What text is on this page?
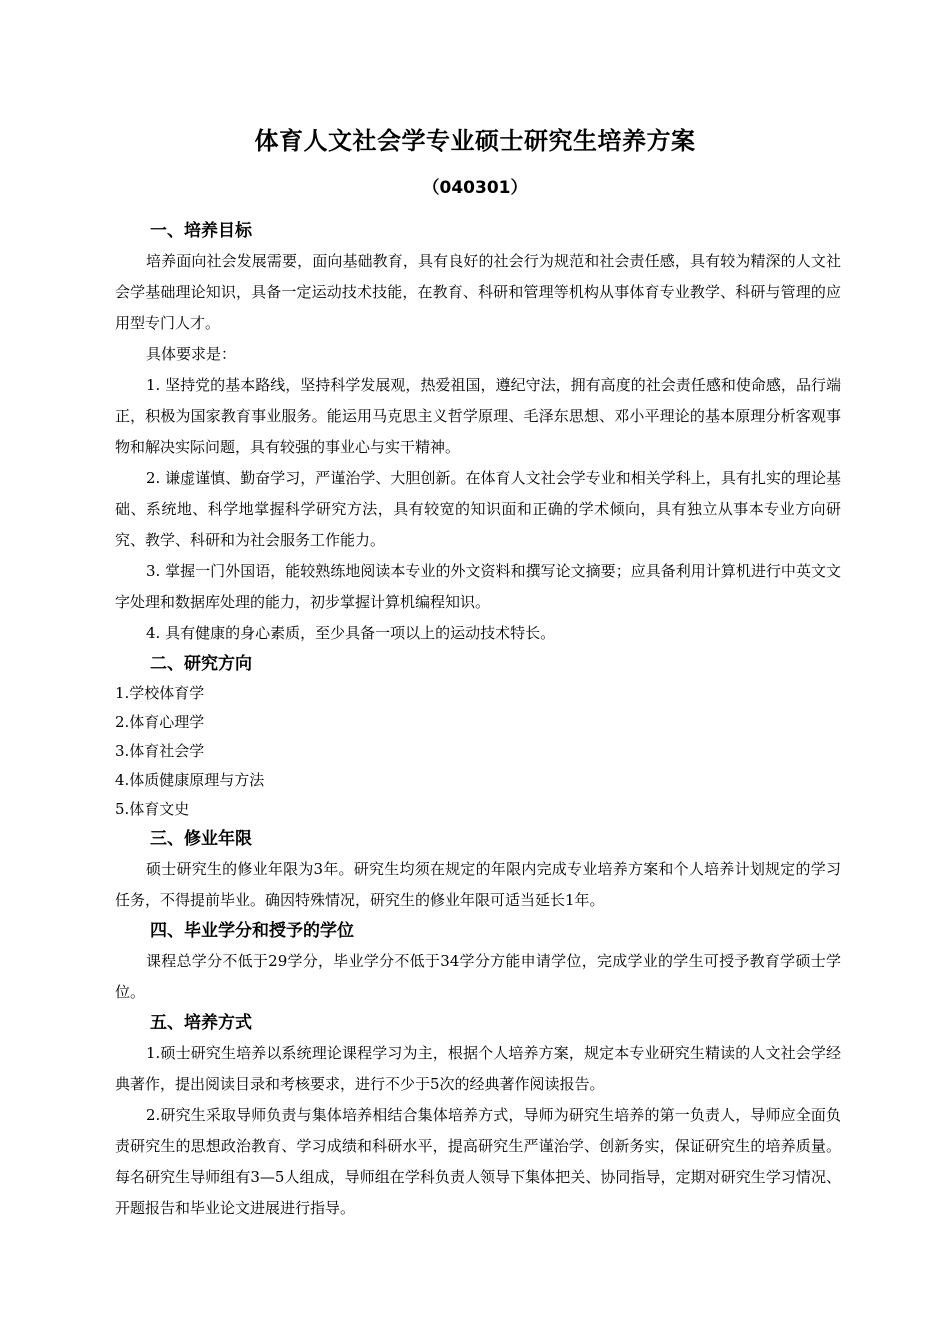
体育人文社会学专业硕士研究生培养方案
（040301）

一、培养目标

培养面向社会发展需要，面向基础教育，具有良好的社会行为规范和社会责任感，具有较为精深的人文社会学基础理论知识，具备一定运动技术技能，在教育、科研和管理等机构从事体育专业教学、科研与管理的应用型专门人才。

具体要求是：

1. 坚持党的基本路线，坚持科学发展观，热爱祖国，遵纪守法，拥有高度的社会责任感和使命感，品行端正，积极为国家教育事业服务。能运用马克思主义哲学原理、毛泽东思想、邓小平理论的基本原理分析客观事物和解决实际问题，具有较强的事业心与实干精神。

2. 谦虚谨慎、勤奋学习，严谨治学、大胆创新。在体育人文社会学专业和相关学科上，具有扎实的理论基础、系统地、科学地掌握科学研究方法，具有较宽的知识面和正确的学术倾向，具有独立从事本专业方向研究、教学、科研和为社会服务工作能力。

3. 掌握一门外国语，能较熟练地阅读本专业的外文资料和撰写论文摘要；应具备利用计算机进行中英文文字处理和数据库处理的能力，初步掌握计算机编程知识。

4. 具有健康的身心素质，至少具备一项以上的运动技术特长。

二、研究方向

1.学校体育学

2.体育心理学

3.体育社会学

4.体质健康原理与方法

5.体育文史

三、修业年限

硕士研究生的修业年限为3年。研究生均须在规定的年限内完成专业培养方案和个人培养计划规定的学习任务，不得提前毕业。确因特殊情况，研究生的修业年限可适当延长1年。

四、毕业学分和授予的学位

课程总学分不低于29学分，毕业学分不低于34学分方能申请学位，完成学业的学生可授予教育学硕士学位。

五、培养方式

1.硕士研究生培养以系统理论课程学习为主，根据个人培养方案，规定本专业研究生精读的人文社会学经典著作，提出阅读目录和考核要求，进行不少于5次的经典著作阅读报告。

2.研究生采取导师负责与集体培养相结合集体培养方式，导师为研究生培养的第一负责人，导师应全面负责研究生的思想政治教育、学习成绩和科研水平，提高研究生严谨治学、创新务实，保证研究生的培养质量。每名研究生导师组有3—5人组成，导师组在学科负责人领导下集体把关、协同指导，定期对研究生学习情况、开题报告和毕业论文进展进行指导。
